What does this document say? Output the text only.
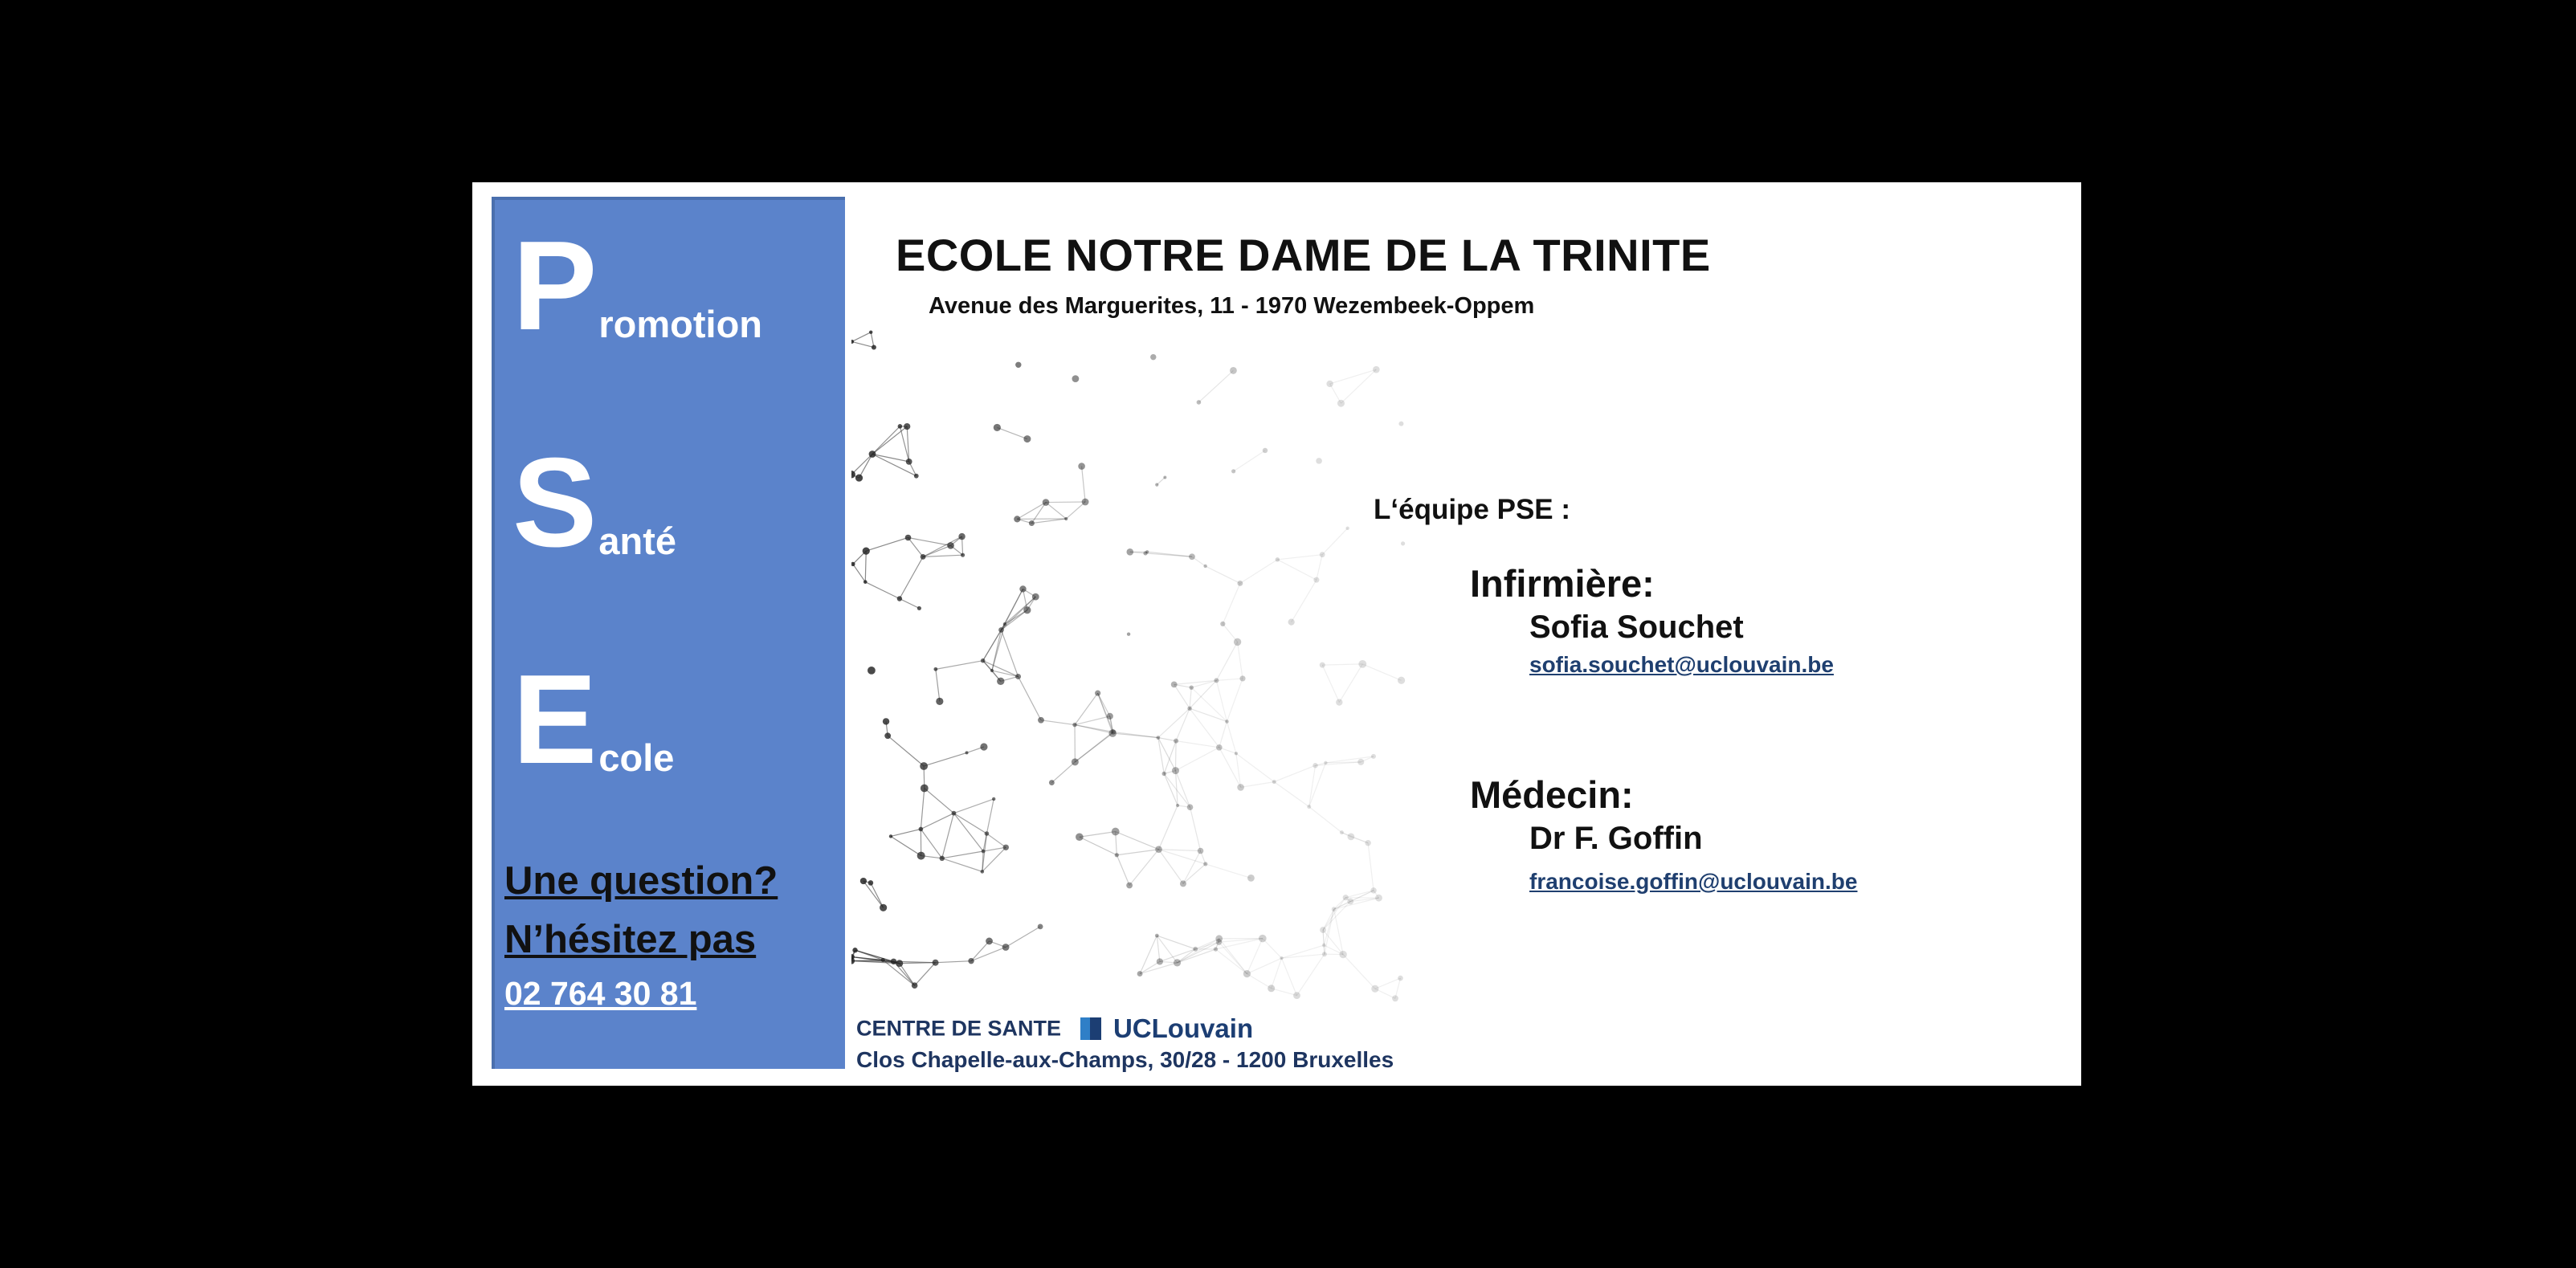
Promotion
Santé
Ecole
Une question?
N’hésitez pas
02 764 30 81
ECOLE NOTRE DAME DE LA TRINITE
Avenue des Marguerites, 11 - 1970 Wezembeek-Oppem
L‘équipe PSE :
Infirmière:
Sofia Souchet
sofia.souchet@uclouvain.be
Médecin:
Dr F. Goffin
francoise.goffin@uclouvain.be
CENTRE DE SANTE UCLouvain
Clos Chapelle-aux-Champs, 30/28 - 1200 Bruxelles
